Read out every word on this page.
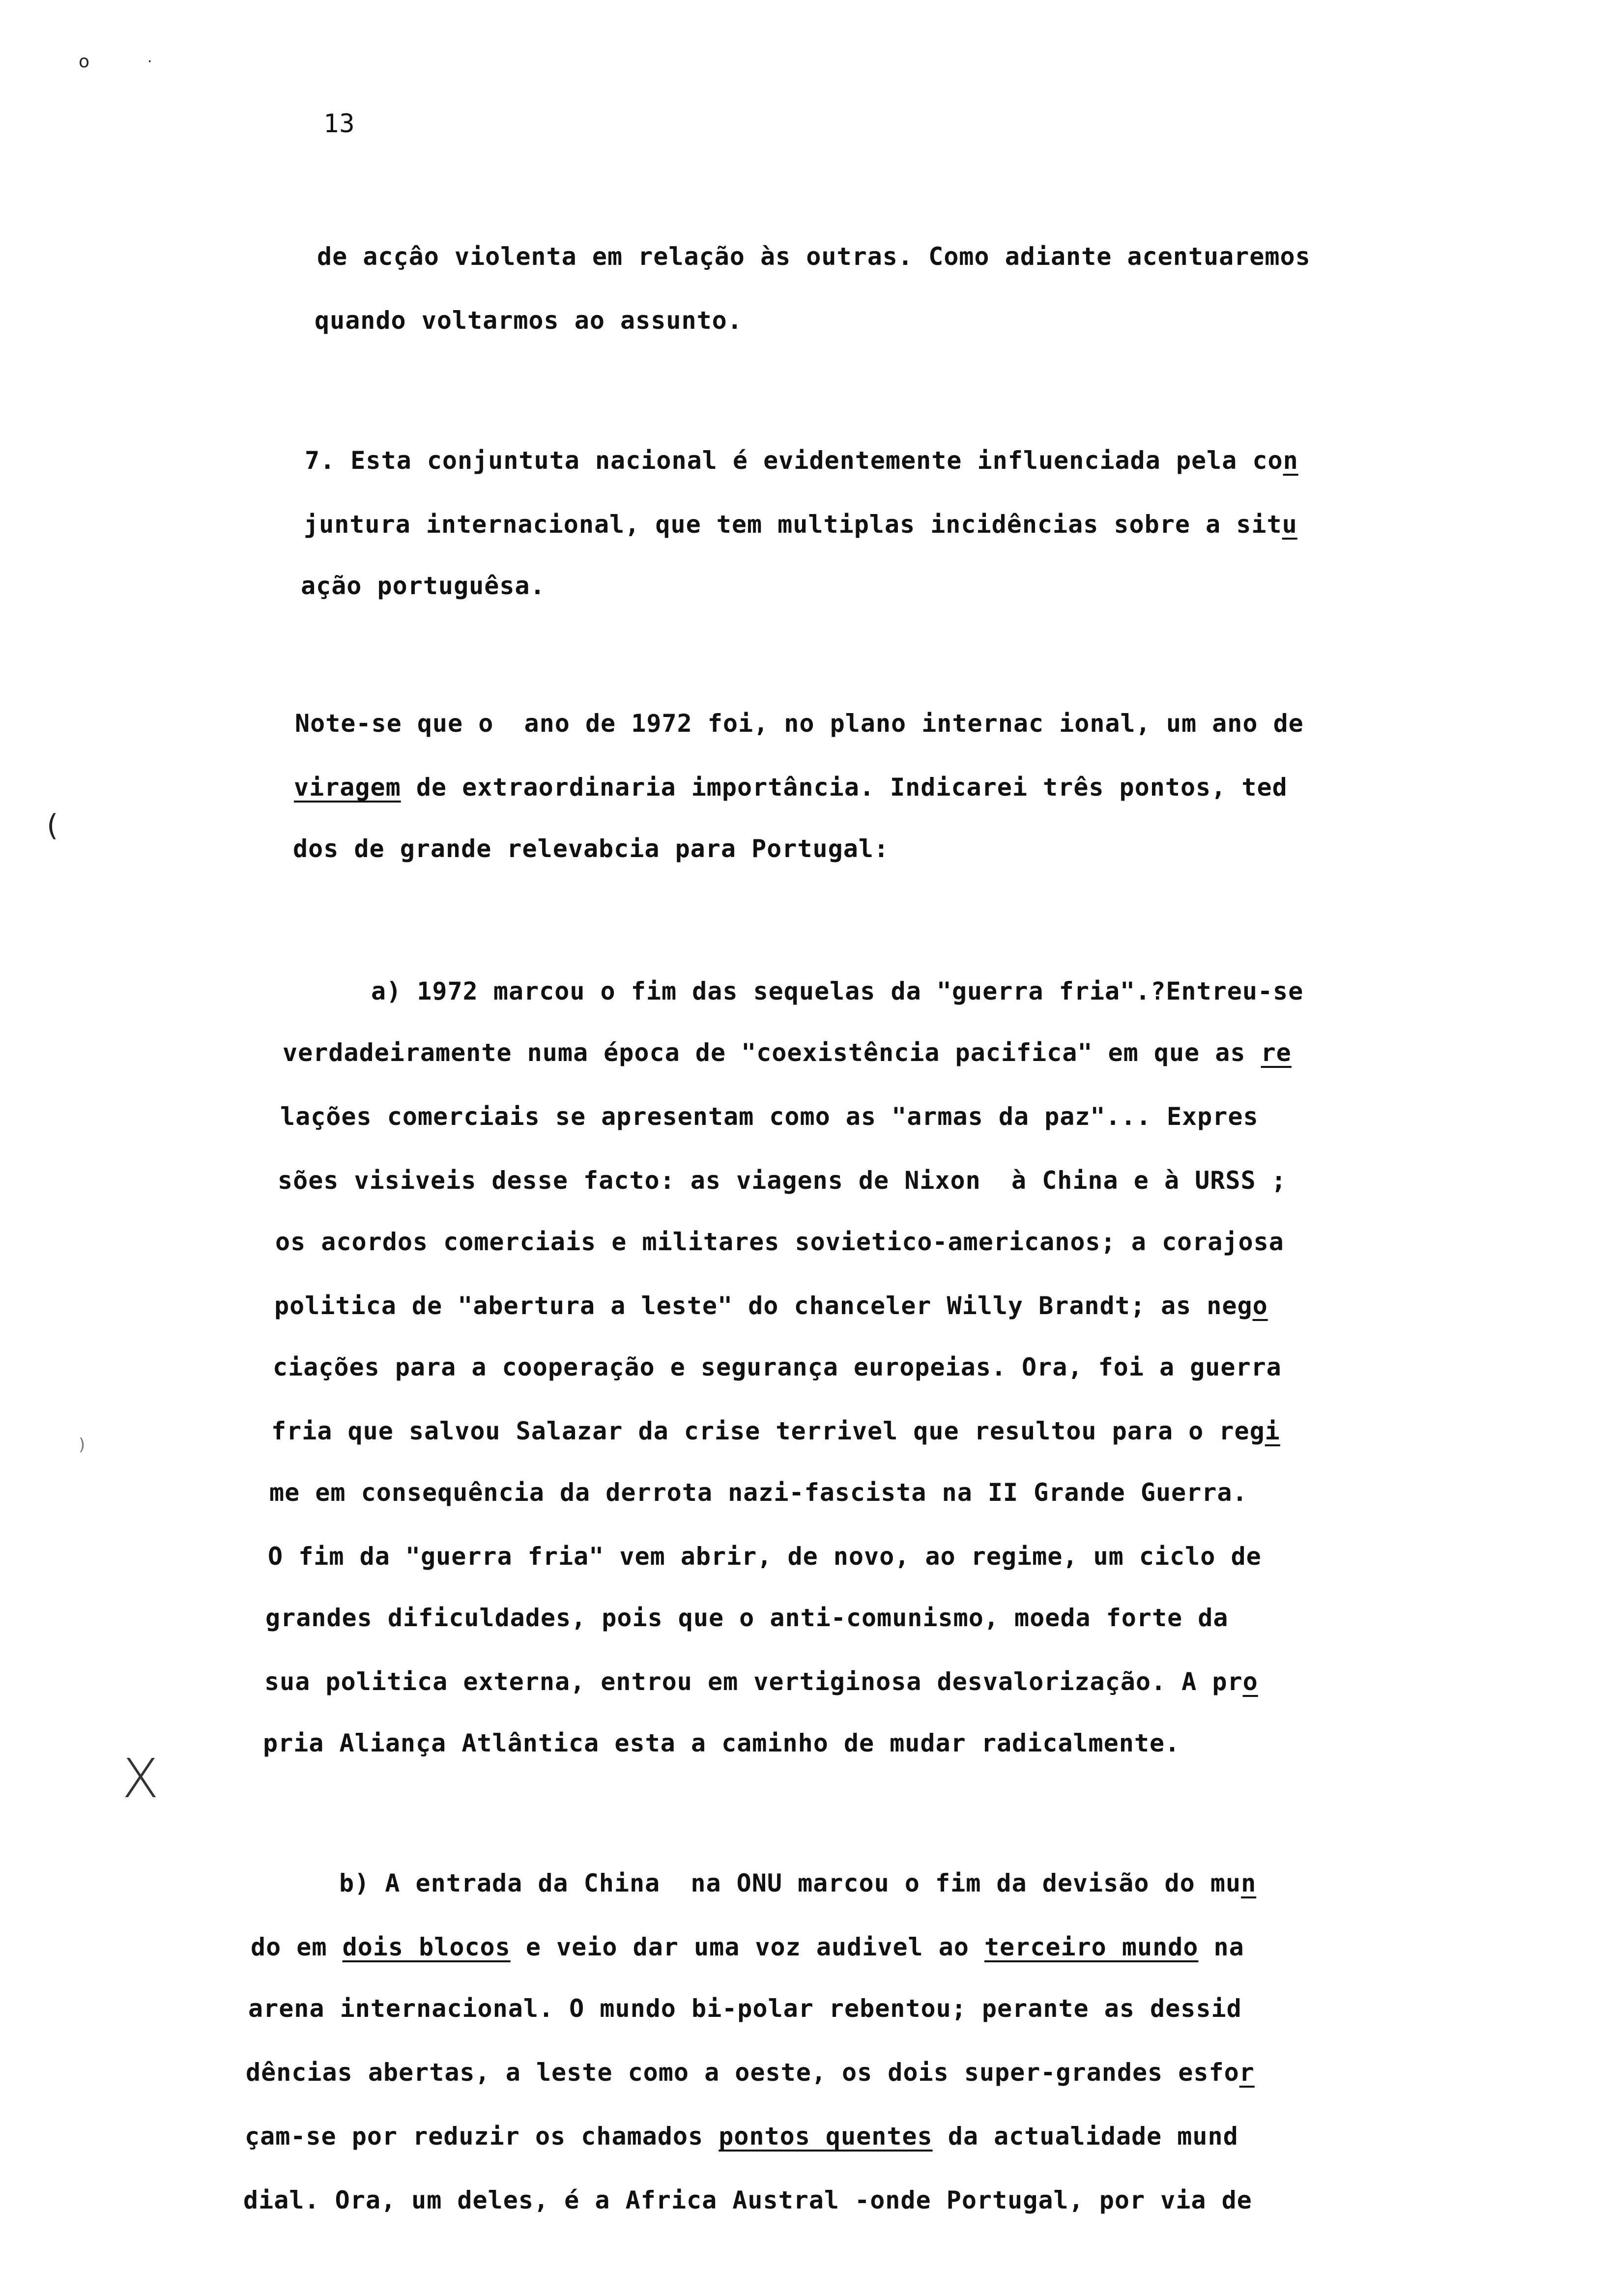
o	·
(
)
X
13
de acçâo violenta em relação às outras. Como adiante acentuaremos
quando voltarmos ao assunto.
7. Esta conjuntuta nacional é evidentemente influenciada pela con
juntura internacional, que tem multiplas incidências sobre a situ
ação portuguêsa.
Note-se que o  ano de 1972 foi, no plano internac ional, um ano de
viragem de extraordinaria importância. Indicarei três pontos, ted
dos de grande relevabcia para Portugal:
a) 1972 marcou o fim das sequelas da "guerra fria".?Entreu-se
verdadeiramente numa época de "coexistência pacifica" em que as re
lações comerciais se apresentam como as "armas da paz"... Expres
sões visiveis desse facto: as viagens de Nixon  à China e à URSS ;
os acordos comerciais e militares sovietico-americanos; a corajosa
politica de "abertura a leste" do chanceler Willy Brandt; as nego
ciações para a cooperação e segurança europeias. Ora, foi a guerra
fria que salvou Salazar da crise terrivel que resultou para o regi
me em consequência da derrota nazi-fascista na II Grande Guerra.
O fim da "guerra fria" vem abrir, de novo, ao regime, um ciclo de
grandes dificuldades, pois que o anti-comunismo, moeda forte da
sua politica externa, entrou em vertiginosa desvalorização. A pro
pria Aliança Atlântica esta a caminho de mudar radicalmente.
b) A entrada da China  na ONU marcou o fim da devisão do mun
do em dois blocos e veio dar uma voz audivel ao terceiro mundo na
arena internacional. O mundo bi-polar rebentou; perante as dessid
dências abertas, a leste como a oeste, os dois super-grandes esfor
çam-se por reduzir os chamados pontos quentes da actualidade mund
dial. Ora, um deles, é a Africa Austral -onde Portugal, por via de
